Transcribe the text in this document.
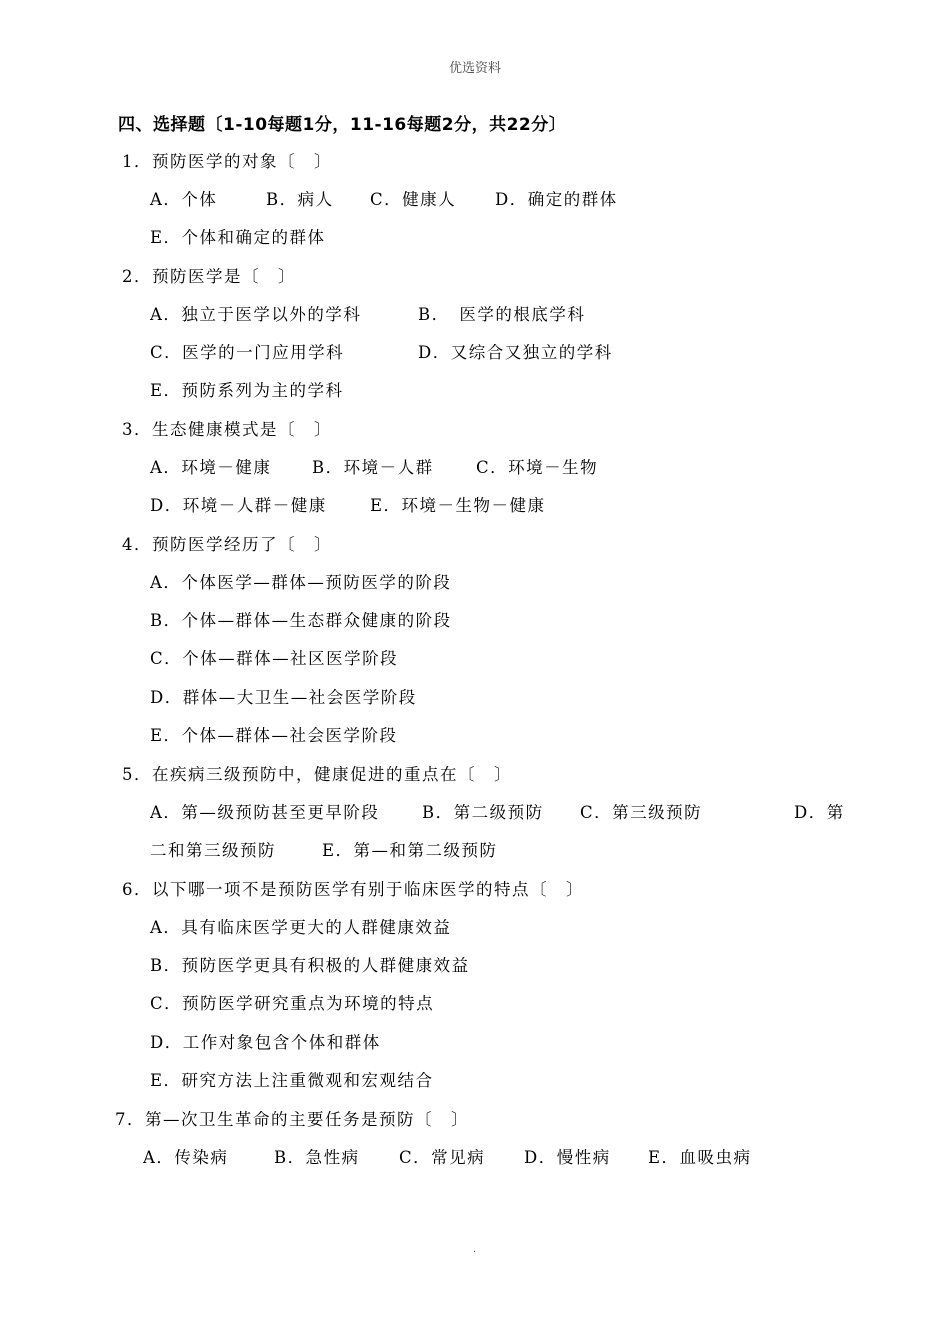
优选资料
四、选择题〔1-10每题1分，11-16每题2分，共22分〕
1．预防医学的对象〔　〕
A．个体	B．病人 C．健康人 D．确定的群体
E．个体和确定的群体
2．预防医学是〔　〕
A．独立于医学以外的学科	B．　医学的根底学科
C．医学的一门应用学科	D．又综合又独立的学科
E．预防系列为主的学科
3．生态健康模式是〔　〕
A．环境－健康 B．环境－人群	C．环境－生物
D．环境－人群－健康	E．环境－生物－健康
4．预防医学经历了〔　〕
A．个体医学—群体—预防医学的阶段
B．个体—群体—生态群众健康的阶段
C．个体—群体—社区医学阶段
D．群体—大卫生—社会医学阶段
E．个体—群体—社会医学阶段
5．在疾病三级预防中，健康促进的重点在〔　〕
A．第—级预防甚至更早阶段	B．第二级预防 C．第三级预防	D．第
二和第三级预防	E．第—和第二级预防
6．以下哪一项不是预防医学有别于临床医学的特点〔　〕
A．具有临床医学更大的人群健康效益
B．预防医学更具有积极的人群健康效益
C．预防医学研究重点为环境的特点
D．工作对象包含个体和群体
E．研究方法上注重微观和宏观结合
7．第—次卫生革命的主要任务是预防〔　〕
A．传染病	B．急性病 C．常见病 D．慢性病 E．血吸虫病
.
